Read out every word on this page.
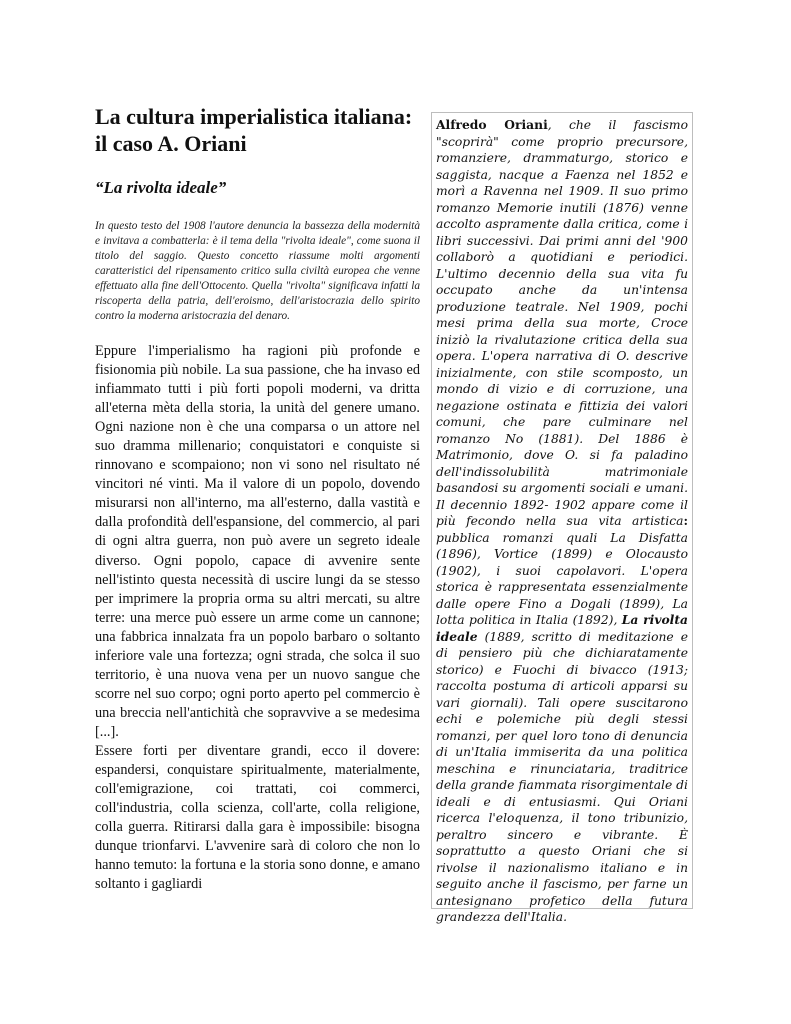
La cultura imperialistica italiana:
il caso A. Oriani
“La rivolta ideale”

In questo testo del 1908 l'autore denuncia la bassezza della modernità e invitava a combatterla: è il tema della "rivolta ideale", come suona il titolo del saggio. Questo concetto riassume molti argomenti caratteristici del ripensamento critico sulla civiltà europea che venne effettuato alla fine dell'Ottocento. Quella "rivolta" significava infatti la riscoperta della patria, dell'eroismo, dell'aristocrazia dello spirito contro la moderna aristocrazia del denaro.

Eppure l'imperialismo ha ragioni più profonde e fisionomia più nobile. La sua passione, che ha invaso ed infiammato tutti i più forti popoli moderni, va dritta all'eterna mèta della storia, la unità del genere umano. Ogni nazione non è che una comparsa o un attore nel suo dramma millenario; conquistatori e conquiste si rinnovano e scompaiono; non vi sono nel risultato né vincitori né vinti. Ma il valore di un popolo, dovendo misurarsi non all'interno, ma all'esterno, dalla vastità e dalla profondità dell'espansione, del commercio, al pari di ogni altra guerra, non può avere un segreto ideale diverso. Ogni popolo, capace di avvenire sente nell'istinto questa necessità di uscire lungi da se stesso per imprimere la propria orma su altri mercati, su altre terre: una merce può essere un arme come un cannone; una fabbrica innalzata fra un popolo barbaro o soltanto inferiore vale una fortezza; ogni strada, che solca il suo territorio, è una nuova vena per un nuovo sangue che scorre nel suo corpo; ogni porto aperto pel commercio è una breccia nell'antichità che sopravvive a se medesima [...].

Essere forti per diventare grandi, ecco il dovere: espandersi, conquistare spiritualmente, materialmente, coll'emigrazione, coi trattati, coi commerci, coll'industria, colla scienza, coll'arte, colla religione, colla guerra. Ritirarsi dalla gara è impossibile: bisogna dunque trionfarvi. L'avvenire sarà di coloro che non lo hanno temuto: la fortuna e la storia sono donne, e amano soltanto i gagliardi

Alfredo Oriani, che il fascismo "scoprirà" come proprio precursore, romanziere, drammaturgo, storico e saggista, nacque a Faenza nel 1852 e morì a Ravenna nel 1909. Il suo primo romanzo Memorie inutili (1876) venne accolto aspramente dalla critica, come i libri successivi. Dai primi anni del '900 collaborò a quotidiani e periodici. L'ultimo decennio della sua vita fu occupato anche da un'intensa produzione teatrale. Nel 1909, pochi mesi prima della sua morte, Croce iniziò la rivalutazione critica della sua opera. L'opera narrativa di O. descrive inizialmente, con stile scomposto, un mondo di vizio e di corruzione, una negazione ostinata e fittizia dei valori comuni, che pare culminare nel romanzo No (1881). Del 1886 è Matrimonio, dove O. si fa paladino dell'indissolubilità matrimoniale basandosi su argomenti sociali e umani. Il decennio 1892- 1902 appare come il più fecondo nella sua vita artistica: pubblica romanzi quali La Disfatta (1896), Vortice (1899) e Olocausto (1902), i suoi capolavori. L'opera storica è rappresentata essenzialmente dalle opere Fino a Dogali (1899), La lotta politica in Italia (1892), La rivolta ideale (1889, scritto di meditazione e di pensiero più che dichiaratamente storico) e Fuochi di bivacco (1913; raccolta postuma di articoli apparsi su vari giornali). Tali opere suscitarono echi e polemiche più degli stessi romanzi, per quel loro tono di denuncia di un'Italia immiserita da una politica meschina e rinunciataria, traditrice della grande fiammata risorgimentale di ideali e di entusiasmi. Qui Oriani ricerca l'eloquenza, il tono tribunizio, peraltro sincero e vibrante. È soprattutto a questo Oriani che si rivolse il nazionalismo italiano e in seguito anche il fascismo, per farne un antesignano profetico della futura grandezza dell'Italia.
